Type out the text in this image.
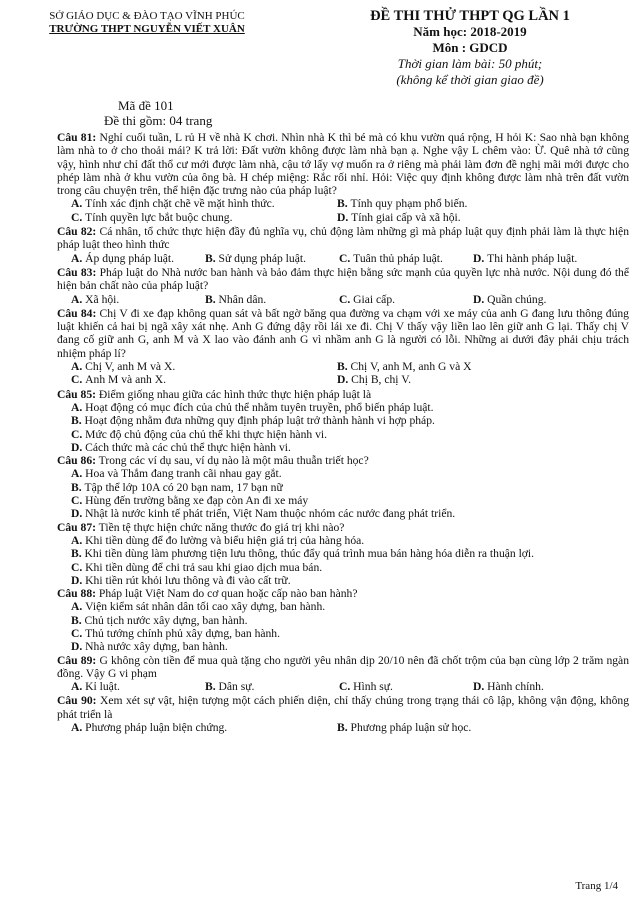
SỞ GIÁO DỤC & ĐÀO TẠO VĨNH PHÚC
TRƯỜNG THPT NGUYỄN VIẾT XUÂN
ĐỀ THI THỬ THPT QG LẦN 1
Năm học: 2018-2019
Môn : GDCD
Thời gian làm bài: 50 phút;
(không kể thời gian giao đề)
Mã đề 101
Đề thi gồm: 04 trang

Câu 81: Nghỉ cuối tuần, L rủ H về nhà K chơi. Nhìn nhà K thì bé mà có khu vườn quá rộng, H hỏi K: Sao nhà bạn không làm nhà to ở cho thoải mái? K trả lời: Đất vườn không được làm nhà bạn ạ. Nghe vậy L chêm vào: Ừ. Quê nhà tớ cũng vậy, hình như chỉ đất thổ cư mới được làm nhà, cậu tớ lấy vợ muốn ra ở riêng mà phải làm đơn đề nghị mãi mới được cho phép làm nhà ở khu vườn của ông bà. H chép miệng: Rắc rối nhỉ. Hỏi: Việc quy định không được làm nhà trên đất vườn trong câu chuyện trên, thể hiện đặc trưng nào của pháp luật?

A. Tính xác định chặt chẽ về mặt hình thức.	B. Tính quy phạm phổ biến.
C. Tính quyền lực bắt buộc chung.	D. Tính giai cấp và xã hội.

Câu 82: Cá nhân, tổ chức thực hiện đầy đủ nghĩa vụ, chủ động làm những gì mà pháp luật quy định phải làm là thực hiện pháp luật theo hình thức

A. Áp dụng pháp luật.	B. Sử dụng pháp luật.	C. Tuân thủ pháp luật.	D. Thi hành pháp luật.

Câu 83: Pháp luật do Nhà nước ban hành và bảo đảm thực hiện bằng sức mạnh của quyền lực nhà nước. Nội dung đó thể hiện bản chất nào của pháp luật?

A. Xã hội.	B. Nhân dân.	C. Giai cấp.	D. Quần chúng.

Câu 84: Chị V đi xe đạp không quan sát và bất ngờ băng qua đường va chạm với xe máy của anh G đang lưu thông đúng luật khiến cả hai bị ngã xây xát nhẹ. Anh G đứng dậy rồi lái xe đi. Chị V thấy vậy liền lao lên giữ anh G lại. Thấy chị V đang cố giữ anh G, anh M và X lao vào đánh anh G vì nhầm anh G là người có lỗi. Những ai dưới đây phải chịu trách nhiệm pháp lí?

A. Chị V, anh M và X.	B. Chị V, anh M, anh G và X
C. Anh M và anh X.	D. Chị B, chị V.

Câu 85: Điểm giống nhau giữa các hình thức thực hiện pháp luật là

A. Hoạt động có mục đích của chủ thể nhằm tuyên truyền, phổ biến pháp luật.
B. Hoạt động nhằm đưa những quy định pháp luật trở thành hành vi hợp pháp.
C. Mức độ chủ động của chủ thể khi thực hiện hành vi.
D. Cách thức mà các chủ thể thực hiện hành vi.

Câu 86: Trong các ví dụ sau, ví dụ nào là một mâu thuẫn triết học?

A. Hoa và Thắm đang tranh cãi nhau gay gắt.
B. Tập thể lớp 10A có 20 bạn nam, 17 bạn nữ
C. Hùng đến trường bằng xe đạp còn An đi xe máy
D. Nhật là nước kinh tế phát triển, Việt Nam thuộc nhóm các nước đang phát triển.

Câu 87: Tiền tệ thực hiện chức năng thước đo giá trị khi nào?

A. Khi tiền dùng để đo lường và biểu hiện giá trị của hàng hóa.
B. Khi tiền dùng làm phương tiện lưu thông, thúc đẩy quá trình mua bán hàng hóa diễn ra thuận lợi.
C. Khi tiền dùng để chi trả sau khi giao dịch mua bán.
D. Khi tiền rút khỏi lưu thông và đi vào cất trữ.

Câu 88: Pháp luật Việt Nam do cơ quan hoặc cấp nào ban hành?

A. Viện kiểm sát nhân dân tối cao xây dựng, ban hành.
B. Chủ tịch nước xây dựng, ban hành.
C. Thủ tướng chính phủ xây dựng, ban hành.
D. Nhà nước xây dựng, ban hành.

Câu 89: G không còn tiền để mua quà tặng cho người yêu nhân dịp 20/10 nên đã chốt trộm của bạn cùng lớp 2 trăm ngàn đồng. Vậy G vi phạm

A. Kỉ luật.	B. Dân sự.	C. Hình sự.	D. Hành chính.

Câu 90: Xem xét sự vật, hiện tượng một cách phiến diện, chỉ thấy chúng trong trạng thái cô lập, không vận động, không phát triển là

A. Phương pháp luận biện chứng.	B. Phương pháp luận sử học.
Trang 1/4
